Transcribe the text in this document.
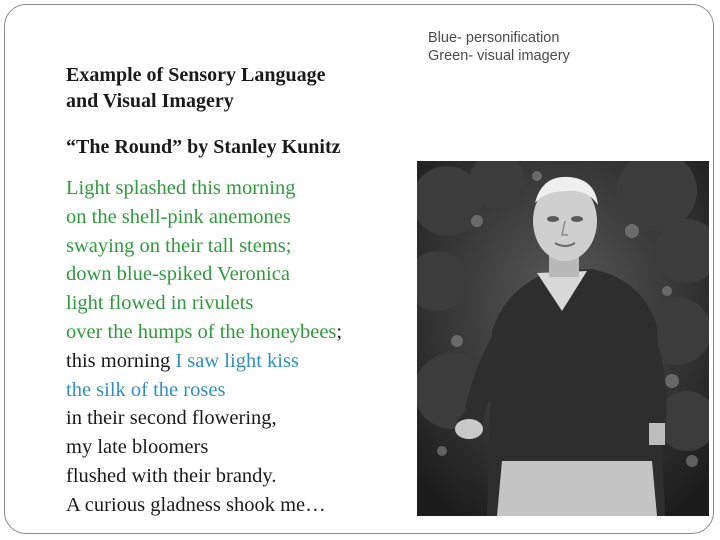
Blue- personification
Green- visual imagery
Example of Sensory Language
and Visual Imagery
“The Round” by Stanley Kunitz
Light splashed this morning
on the shell-pink anemones
swaying on their tall stems;
down blue-spiked Veronica
light flowed in rivulets
over the humps of the honeybees;
this morning I saw light kiss
the silk of the roses
in their second flowering,
my late bloomers
flushed with their brandy.
A curious gladness shook me…
